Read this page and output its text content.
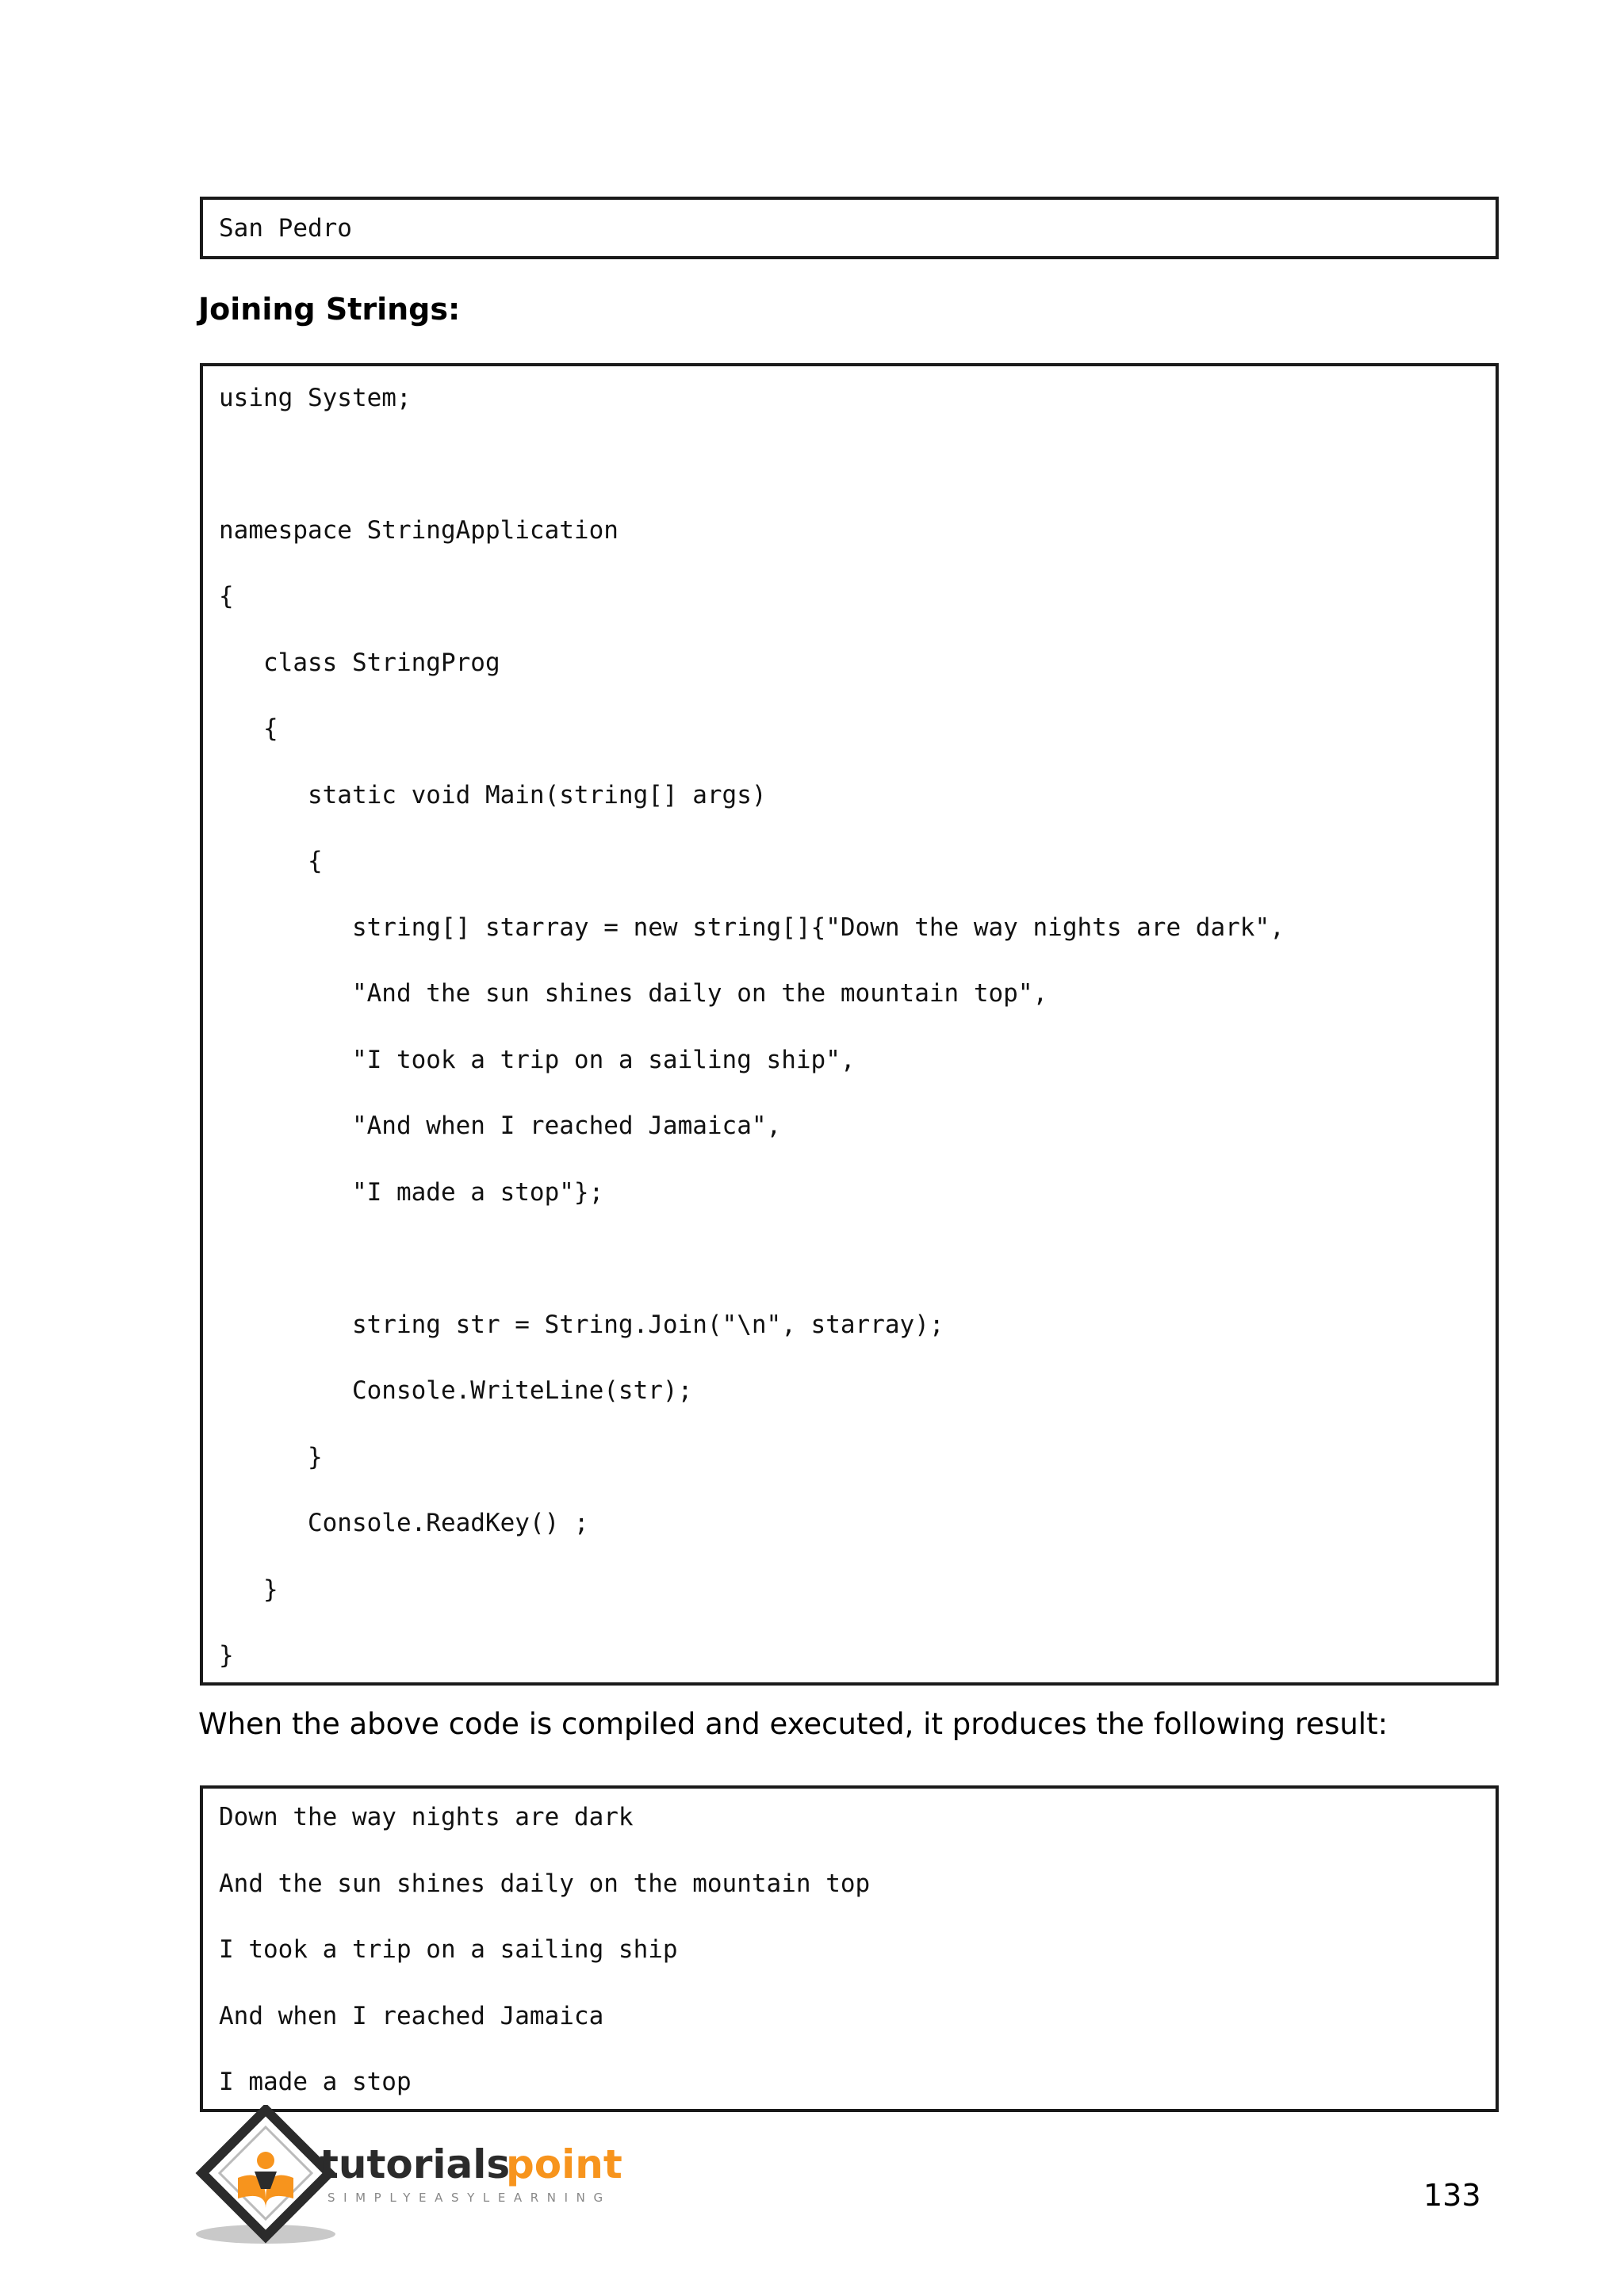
San Pedro
Joining Strings:
using System;
namespace StringApplication
{
class StringProg
{
static void Main(string[] args)
{
string[] starray = new string[]{"Down the way nights are dark",
"And the sun shines daily on the mountain top",
"I took a trip on a sailing ship",
"And when I reached Jamaica",
"I made a stop"};
string str = String.Join("\n", starray);
Console.WriteLine(str);
}
Console.ReadKey() ;
}
}
When the above code is compiled and executed, it produces the following result:
Down the way nights are dark
And the sun shines daily on the mountain top
I took a trip on a sailing ship
And when I reached Jamaica
I made a stop
tutorials
point
SIMPLYEASYLEARNING	133
